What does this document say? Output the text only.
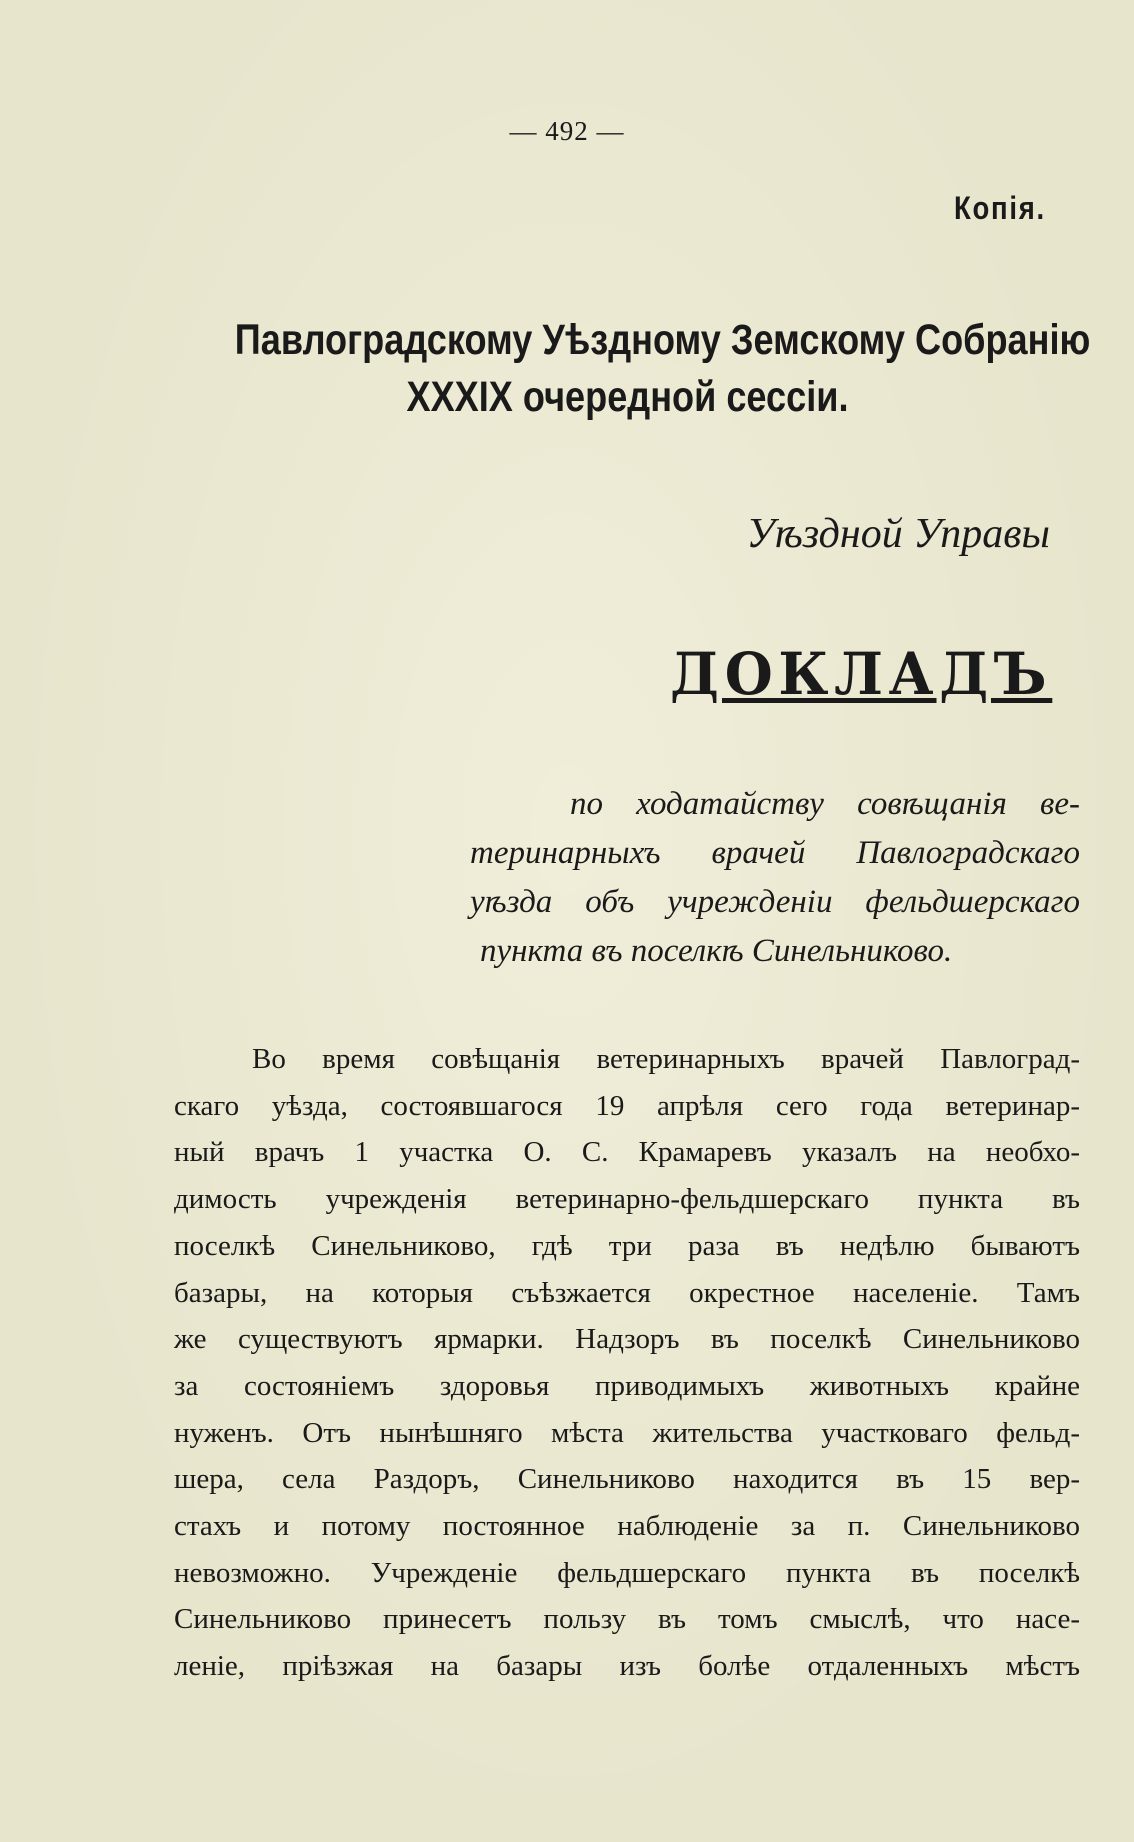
— 492 —
Копія.
Павлоградскому Уѣздному Земскому Собранію
XXXIX очередной сессіи.
Уѣздной Управы
ДОКЛАДЪ
по ходатайству совѣщанія ве-
теринарныхъ врачей Павлоградскаго
уѣзда объ учрежденіи фельдшерскаго
пункта въ поселкѣ Синельниково.
Во время совѣщанія ветеринарныхъ врачей Павлоград-
скаго уѣзда, состоявшагося 19 апрѣля сего года ветеринар-
ный врачъ 1 участка О. С. Крамаревъ указалъ на необхо-
димость учрежденія ветеринарно-фельдшерскаго пункта въ
поселкѣ Синельниково, гдѣ три раза въ недѣлю бываютъ
базары, на которыя съѣзжается окрестное населеніе. Тамъ
же существуютъ ярмарки. Надзоръ въ поселкѣ Синельниково
за состояніемъ здоровья приводимыхъ животныхъ крайне
нуженъ. Отъ нынѣшняго мѣста жительства участковаго фельд-
шера, села Раздоръ, Синельниково находится въ 15 вер-
стахъ и потому постоянное наблюденіе за п. Синельниково
невозможно. Учрежденіе фельдшерскаго пункта въ поселкѣ
Синельниково принесетъ пользу въ томъ смыслѣ, что насе-
леніе, пріѣзжая на базары изъ болѣе отдаленныхъ мѣстъ
